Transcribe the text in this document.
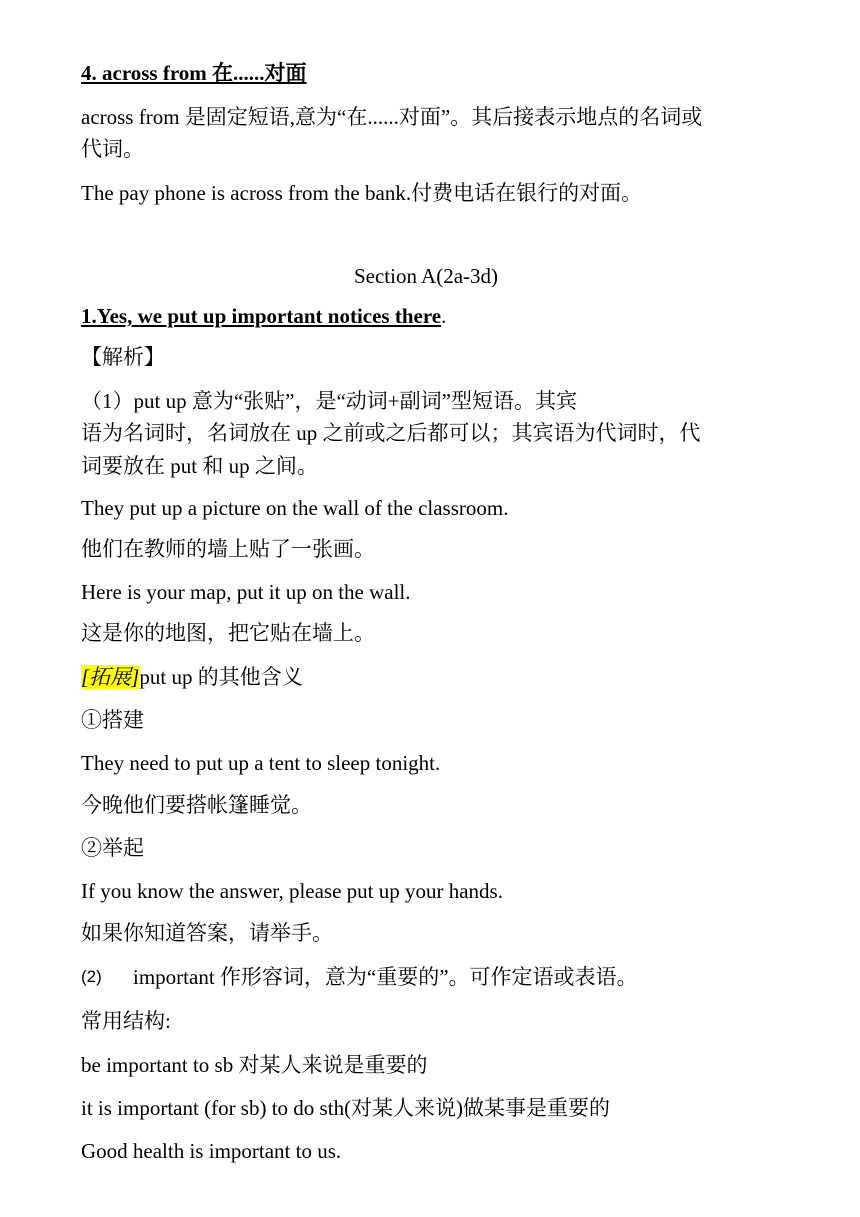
4. across from 在......对面
across from 是固定短语,意为“在......对面”。其后接表示地点的名词或
代词。
The pay phone is across from the bank.付费电话在银行的对面。
Section A(2a-3d)
1.Yes, we put up important notices there.
【解析】
（1）put up 意为“张贴”，是“动词+副词”型短语。其宾
语为名词时，名词放在 up 之前或之后都可以；其宾语为代词时，代
词要放在 put 和 up 之间。
They put up a picture on the wall of the classroom.
他们在教师的墙上贴了一张画。
Here is your map, put it up on the wall.
这是你的地图，把它贴在墙上。
[拓展]put up 的其他含义
①搭建
They need to put up a tent to sleep tonight.
今晚他们要搭帐篷睡觉。
②举起
If you know the answer, please put up your hands.
如果你知道答案，请举手。
(2) important 作形容词，意为“重要的”。可作定语或表语。
常用结构:
be important to sb 对某人来说是重要的
it is important (for sb) to do sth(对某人来说)做某事是重要的
Good health is important to us.
